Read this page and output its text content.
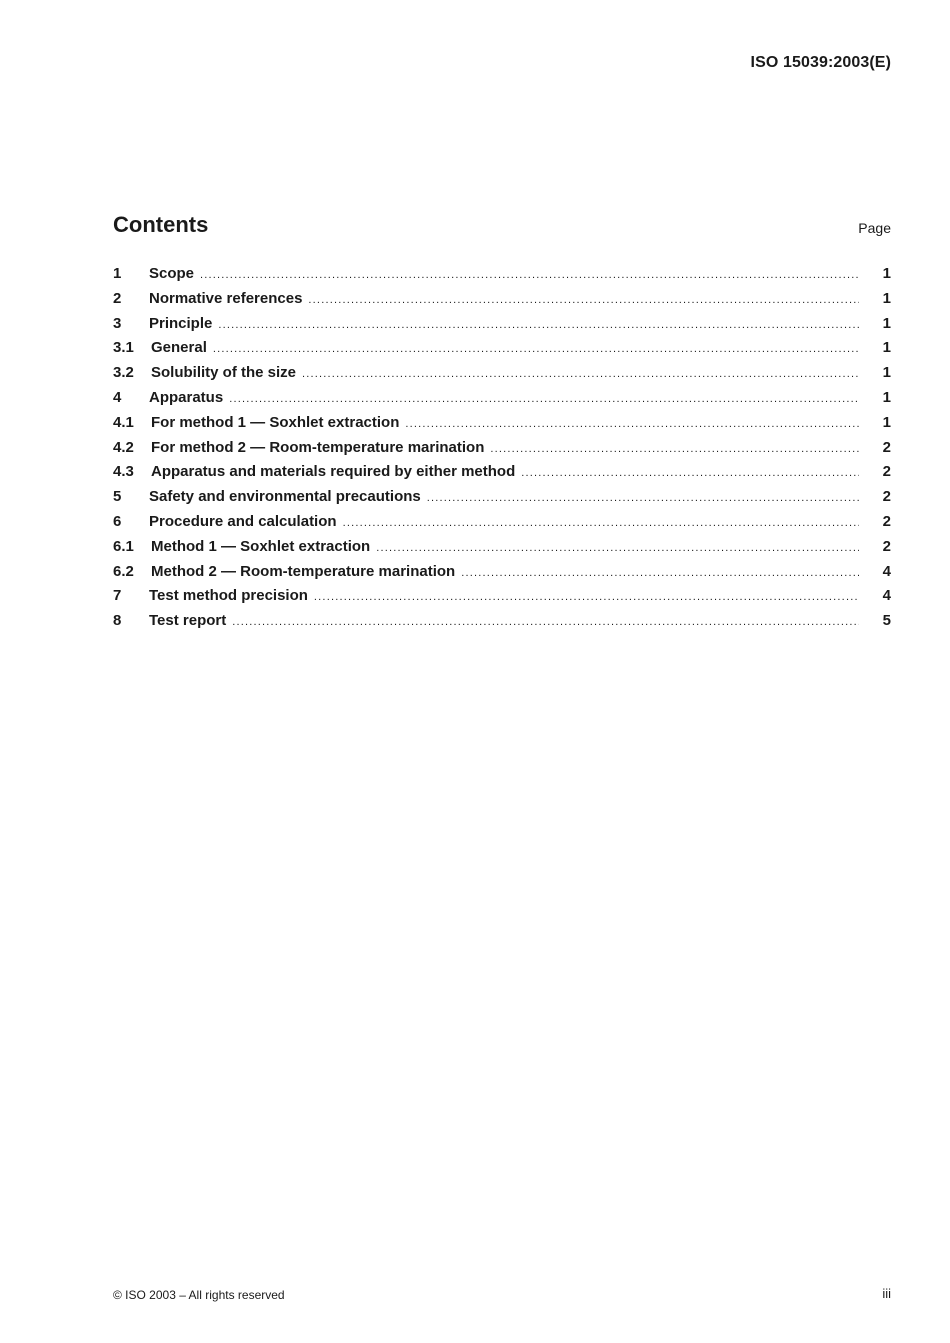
ISO 15039:2003(E)
Contents	Page
1	Scope .....	1
2	Normative references .....	1
3	Principle .....	1
3.1	General .....	1
3.2	Solubility of the size .....	1
4	Apparatus .....	1
4.1	For method 1 — Soxhlet extraction .....	1
4.2	For method 2 — Room-temperature marination .....	2
4.3	Apparatus and materials required by either method .....	2
5	Safety and environmental precautions .....	2
6	Procedure and calculation .....	2
6.1	Method 1 — Soxhlet extraction .....	2
6.2	Method 2 — Room-temperature marination .....	4
7	Test method precision .....	4
8	Test report .....	5
© ISO 2003 – All rights reserved	iii
